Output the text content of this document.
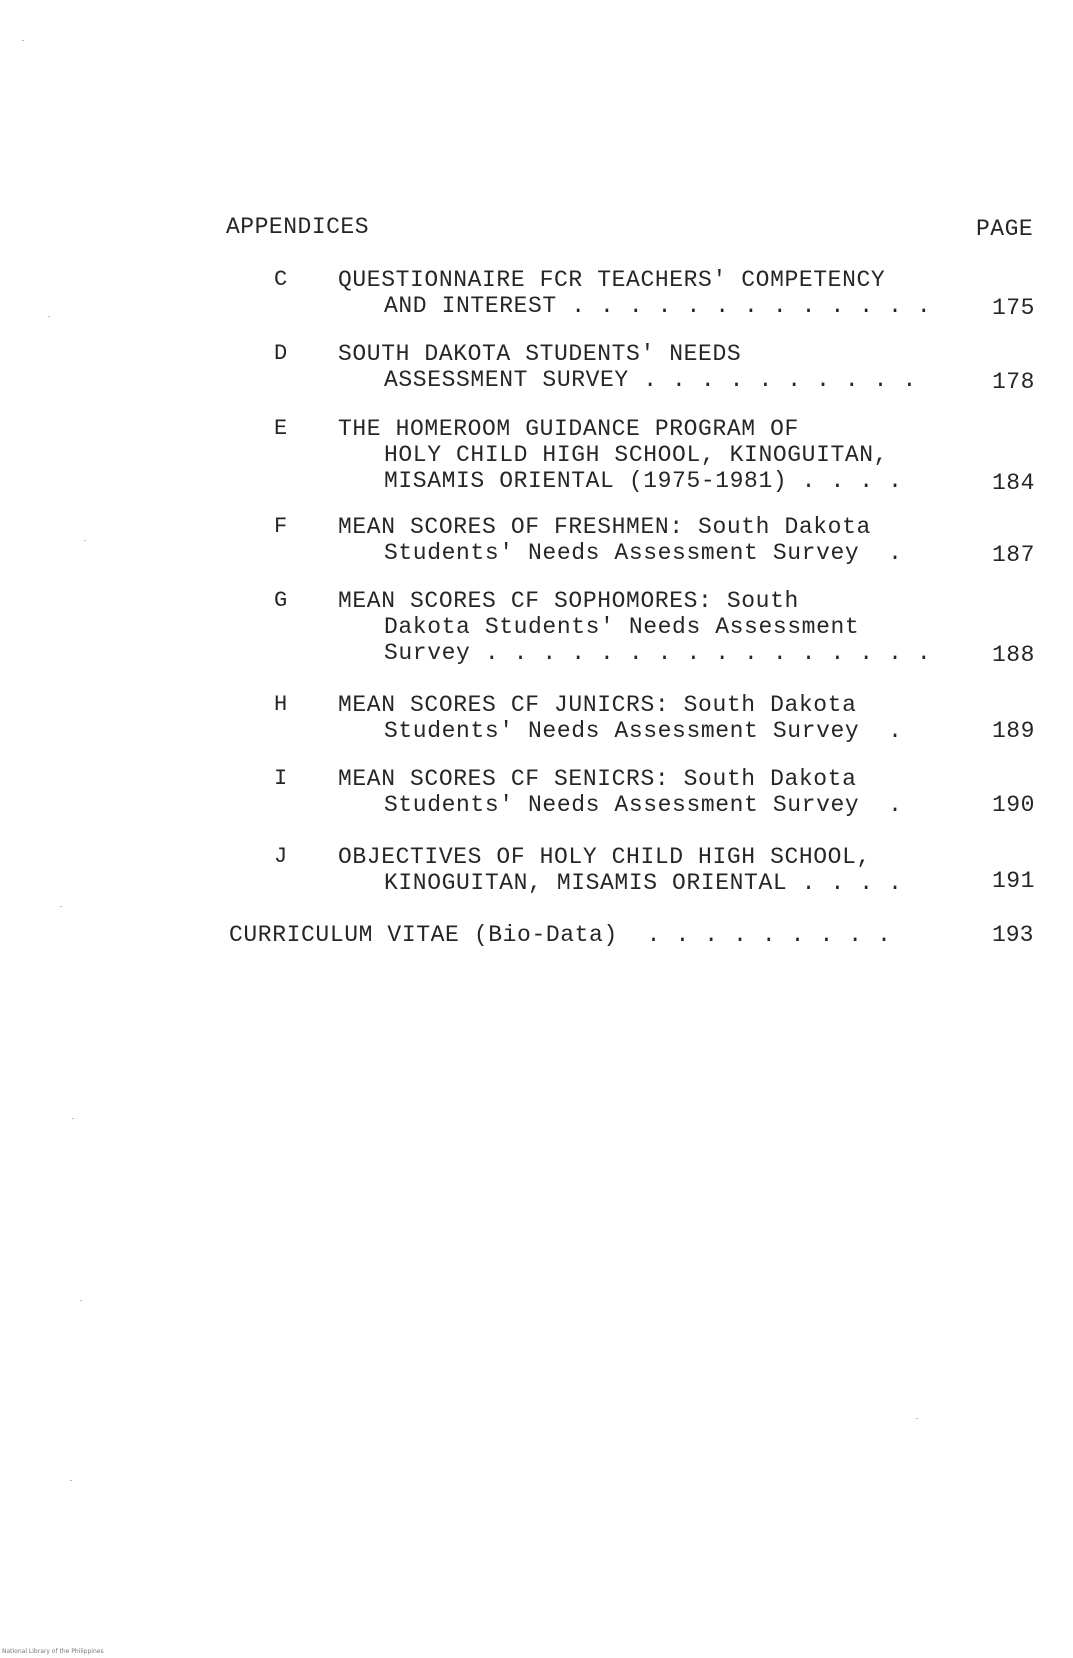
APPENDICES	PAGE
C QUESTIONNAIRE FCR TEACHERS' COMPETENCY
AND INTEREST . . . . . . . . . . . . .	175
D SOUTH DAKOTA STUDENTS' NEEDS
ASSESSMENT SURVEY . . . . . . . . . .	178
E THE HOMEROOM GUIDANCE PROGRAM OF
HOLY CHILD HIGH SCHOOL, KINOGUITAN,
MISAMIS ORIENTAL (1975-1981) . . . .	184
F MEAN SCORES OF FRESHMEN: South Dakota
Students' Needs Assessment Survey  .	187
G MEAN SCORES CF SOPHOMORES: South
Dakota Students' Needs Assessment
Survey . . . . . . . . . . . . . . . .	188
H MEAN SCORES CF JUNICRS: South Dakota
Students' Needs Assessment Survey  .	189
I MEAN SCORES CF SENICRS: South Dakota
Students' Needs Assessment Survey  .	190
J OBJECTIVES OF HOLY CHILD HIGH SCHOOL,
KINOGUITAN, MISAMIS ORIENTAL . . . .	191
CURRICULUM VITAE (Bio-Data)  . . . . . . . . .	193
National Library of the Philippines
